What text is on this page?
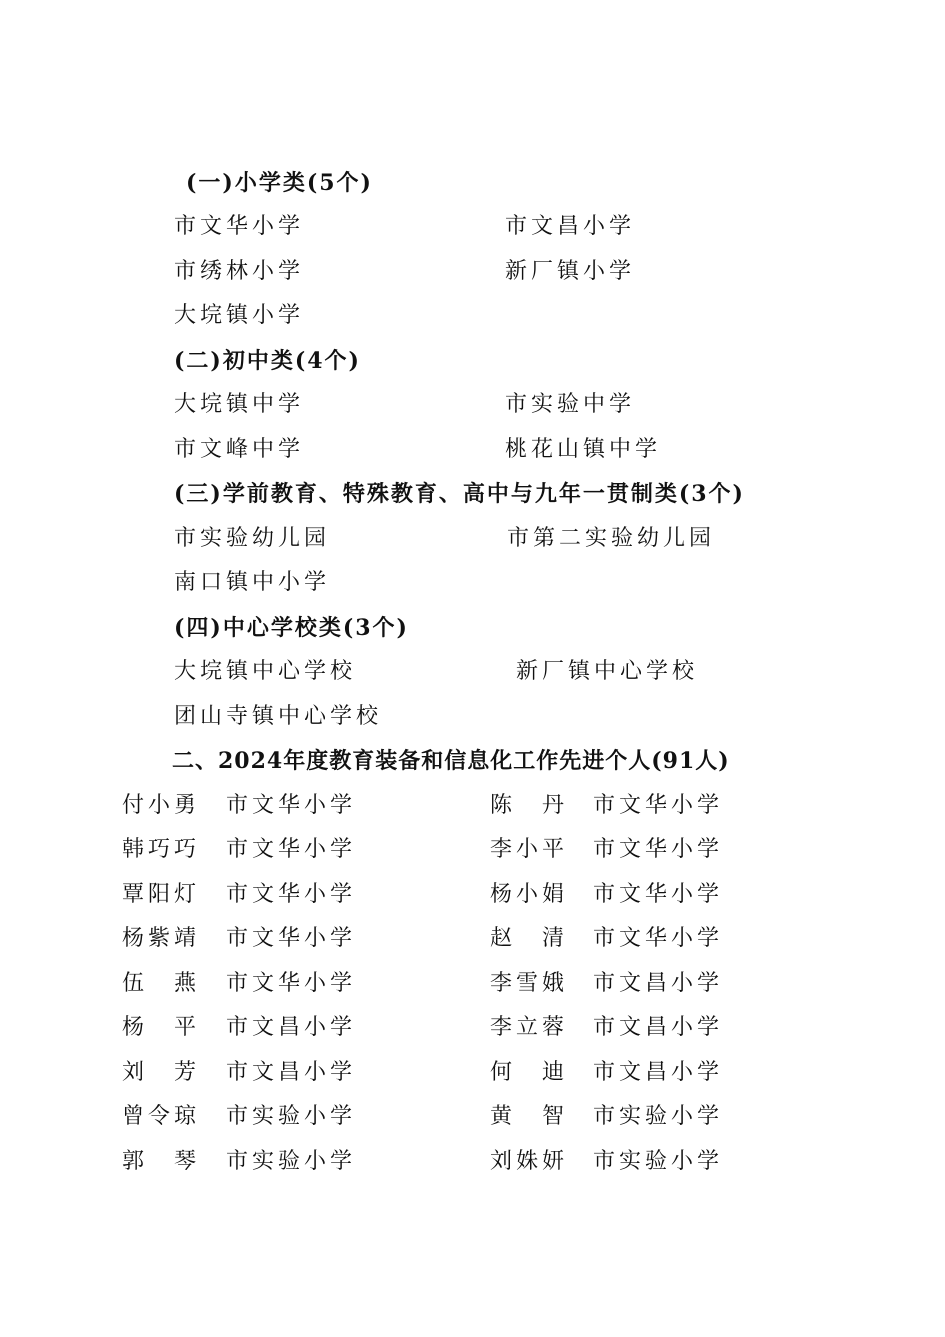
(一)小学类(5个)
市文华小学	市文昌小学
市绣林小学	新厂镇小学
大垸镇小学
(二)初中类(4个)
大垸镇中学	市实验中学
市文峰中学	桃花山镇中学
(三)学前教育、特殊教育、高中与九年一贯制类(3个)
市实验幼儿园	市第二实验幼儿园
南口镇中小学
(四)中心学校类(3个)
大垸镇中心学校	新厂镇中心学校
团山寺镇中心学校
二、2024年度教育装备和信息化工作先进个人(91人)
付小勇 市文华小学	陈　丹 市文华小学
韩巧巧 市文华小学	李小平 市文华小学
覃阳灯 市文华小学	杨小娟 市文华小学
杨紫靖 市文华小学	赵　清 市文华小学
伍　燕 市文华小学	李雪娥 市文昌小学
杨　平 市文昌小学	李立蓉 市文昌小学
刘　芳 市文昌小学	何　迪 市文昌小学
曾令琼 市实验小学	黄　智 市实验小学
郭　琴 市实验小学	刘姝妍 市实验小学
